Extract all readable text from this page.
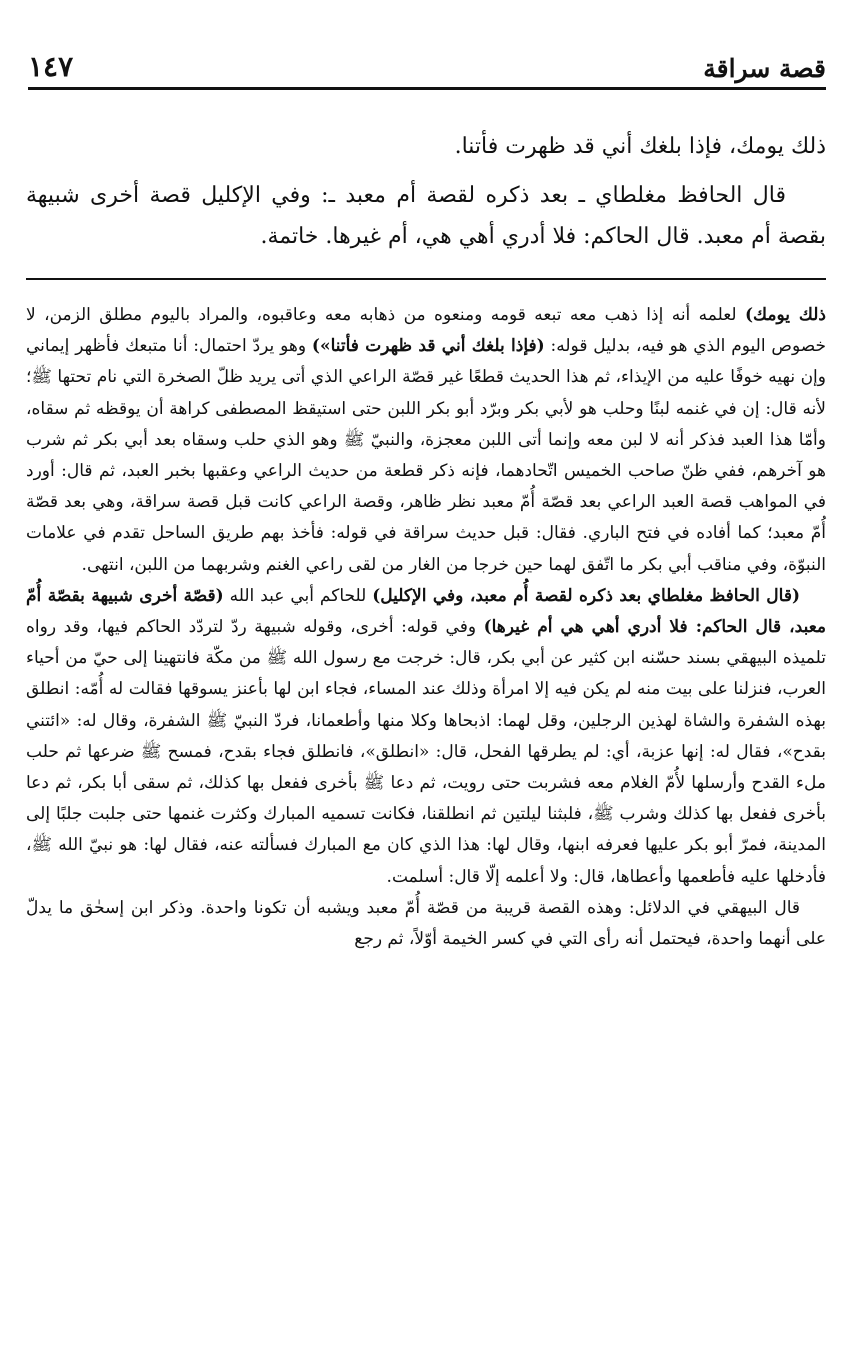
قصة سراقة
١٤٧

ذلك يومك، فإذا بلغك أني قد ظهرت فأتنا.

قال الحافظ مغلطاي ـ بعد ذكره لقصة أم معبد ـ: وفي الإكليل قصة أخرى شبيهة بقصة أم معبد. قال الحاكم: فلا أدري أهي هي، أم غيرها. خاتمة.

ذلك يومك) لعلمه أنه إذا ذهب معه تبعه قومه ومنعوه من ذهابه معه وعاقبوه، والمراد باليوم مطلق الزمن، لا خصوص اليوم الذي هو فيه، بدليل قوله: (فإذا بلغك أني قد ظهرت فأتنا») وهو يردّ احتمال: أنا متبعك فأظهر إيماني وإن نهيه خوفًا عليه من الإيذاء، ثم هذا الحديث قطعًا غير قصّة الراعي الذي أتى يريد ظلّ الصخرة التي نام تحتها ﷺ؛ لأنه قال: إن في غنمه لبنًا وحلب هو لأبي بكر وبرّد أبو بكر اللبن حتى استيقظ المصطفى كراهة أن يوقظه ثم سقاه، وأمّا هذا العبد فذكر أنه لا لبن معه وإنما أتى اللبن معجزة، والنبيّ ﷺ وهو الذي حلب وسقاه بعد أبي بكر ثم شرب هو آخرهم، ففي ظنّ صاحب الخميس اتّحادهما، فإنه ذكر قطعة من حديث الراعي وعقبها بخبر العبد، ثم قال: أورد في المواهب قصة العبد الراعي بعد قصّة أُمّ معبد نظر ظاهر، وقصة الراعي كانت قبل قصة سراقة، وهي بعد قصّة أُمّ معبد؛ كما أفاده في فتح الباري. فقال: قبل حديث سراقة في قوله: فأخذ بهم طريق الساحل تقدم في علامات النبوّة، وفي مناقب أبي بكر ما اتّفق لهما حين خرجا من الغار من لقى راعي الغنم وشربهما من اللبن، انتهى.

(قال الحافظ مغلطاي بعد ذكره لقصة أُم معبد، وفي الإكليل) للحاكم أبي عبد الله (قصّة أخرى شبيهة بقصّة أُمّ معبد، قال الحاكم: فلا أدري أهي هي أم غيرها) وفي قوله: أخرى، وقوله شبيهة ردّ لتردّد الحاكم فيها، وقد رواه تلميذه البيهقي بسند حسّنه ابن كثير عن أبي بكر، قال: خرجت مع رسول الله ﷺ من مكّة فانتهينا إلى حيّ من أحياء العرب، فنزلنا على بيت منه لم يكن فيه إلا امرأة وذلك عند المساء، فجاء ابن لها بأعنز يسوقها فقالت له أُمّه: انطلق بهذه الشفرة والشاة لهذين الرجلين، وقل لهما: اذبحاها وكلا منها وأطعمانا، فردّ النبيّ ﷺ الشفرة، وقال له: «ائتني بقدح»، فقال له: إنها عزبة، أي: لم يطرقها الفحل، قال: «انطلق»، فانطلق فجاء بقدح، فمسح ﷺ ضرعها ثم حلب ملء القدح وأرسلها لأُمّ الغلام معه فشربت حتى رويت، ثم دعا ﷺ بأخرى ففعل بها كذلك، ثم سقى أبا بكر، ثم دعا بأخرى ففعل بها كذلك وشرب ﷺ، فلبثنا ليلتين ثم انطلقنا، فكانت تسميه المبارك وكثرت غنمها حتى جلبت جلبًا إلى المدينة، فمرّ أبو بكر عليها فعرفه ابنها، وقال لها: هذا الذي كان مع المبارك فسألته عنه، فقال لها: هو نبيّ الله ﷺ، فأدخلها عليه فأطعمها وأعطاها، قال: ولا أعلمه إلّا قال: أسلمت.

قال البيهقي في الدلائل: وهذه القصة قريبة من قصّة أُمّ معبد ويشبه أن تكونا واحدة. وذكر ابن إسحٰق ما يدلّ على أنهما واحدة، فيحتمل أنه رأى التي في كسر الخيمة أوّلاً، ثم رجع
